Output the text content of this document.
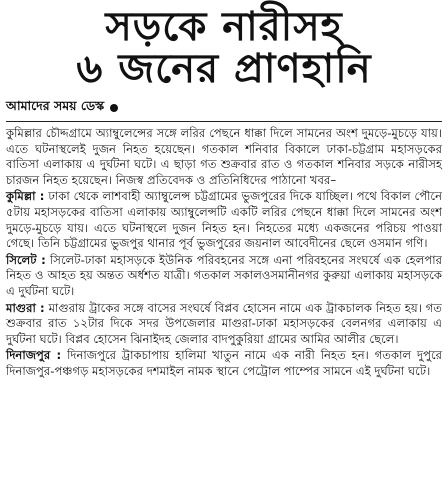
সড়কে নারীসহ
৬ জনের প্রাণহানি
আমাদের সময় ডেস্ক

কুমিল্লার চৌদ্দগ্রামে অ্যাম্বুলেন্সের সঙ্গে লরির পেছনে ধাক্কা দিলে সামনের অংশ দুমড়ে-মুচড়ে যায়। এতে ঘটনাস্থলেই দুজন নিহত হয়েছেন। গতকাল শনিবার বিকালে ঢাকা-চট্টগ্রাম মহাসড়কের বাতিসা এলাকায় এ দুর্ঘটনা ঘটে। এ ছাড়া গত শুক্রবার রাত ও গতকাল শনিবার সড়কে নারীসহ চারজন নিহত হয়েছেন। নিজস্ব প্রতিবেদক ও প্রতিনিধিদের পাঠানো খবর–

কুমিল্লা : ঢাকা থেকে লাশবাহী অ্যাম্বুলেন্স চট্টগ্রামের ভুজপুরের দিকে যাচ্ছিল। পথে বিকাল পৌনে ৫টায় মহাসড়কের বাতিসা এলাকায় অ্যাম্বুলেন্সটি একটি লরির পেছনে ধাক্কা দিলে সামনের অংশ দুমড়ে-মুচড়ে যায়। এতে ঘটনাস্থলে দুজন নিহত হন। নিহতের মধ্যে একজনের পরিচয় পাওয়া গেছে। তিনি চট্টগ্রামের ভুজপুর থানার পূর্ব ভুজপুরের জয়নাল আবেদীনের ছেলে ওসমান গণি।

সিলেট : সিলেট-ঢাকা মহাসড়কে ইউনিক পরিবহনের সঙ্গে এনা পরিবহনের সংঘর্ষে এক হেলপার নিহত ও আহত হয় অন্তত অর্ধশত যাত্রী। গতকাল সকালওসমানীনগর কুরুয়া এলাকায় মহাসড়কে এ দুর্ঘটনা ঘটে।

মাগুরা : মাগুরায় ট্রাকের সঙ্গে বাসের সংঘর্ষে বিপ্লব হোসেন নামে এক ট্রাকচালক নিহত হয়। গত শুক্রবার রাত ১২টার দিকে সদর উপজেলার মাগুরা-ঢাকা মহাসড়কের বেলনগর এলাকায় এ দুর্ঘটনা ঘটে। বিপ্লব হোসেন ঝিনাইদহ জেলার বাদপুকুরিয়া গ্রামের আমির আলীর ছেলে।

দিনাজপুর : দিনাজপুরে ট্রাকচাপায় হালিমা খাতুন নামে এক নারী নিহত হন। গতকাল দুপুরে দিনাজপুর-পঞ্চগড় মহাসড়কের দশমাইল নামক স্থানে পেট্রোল পাম্পের সামনে এই দুর্ঘটনা ঘটে।
